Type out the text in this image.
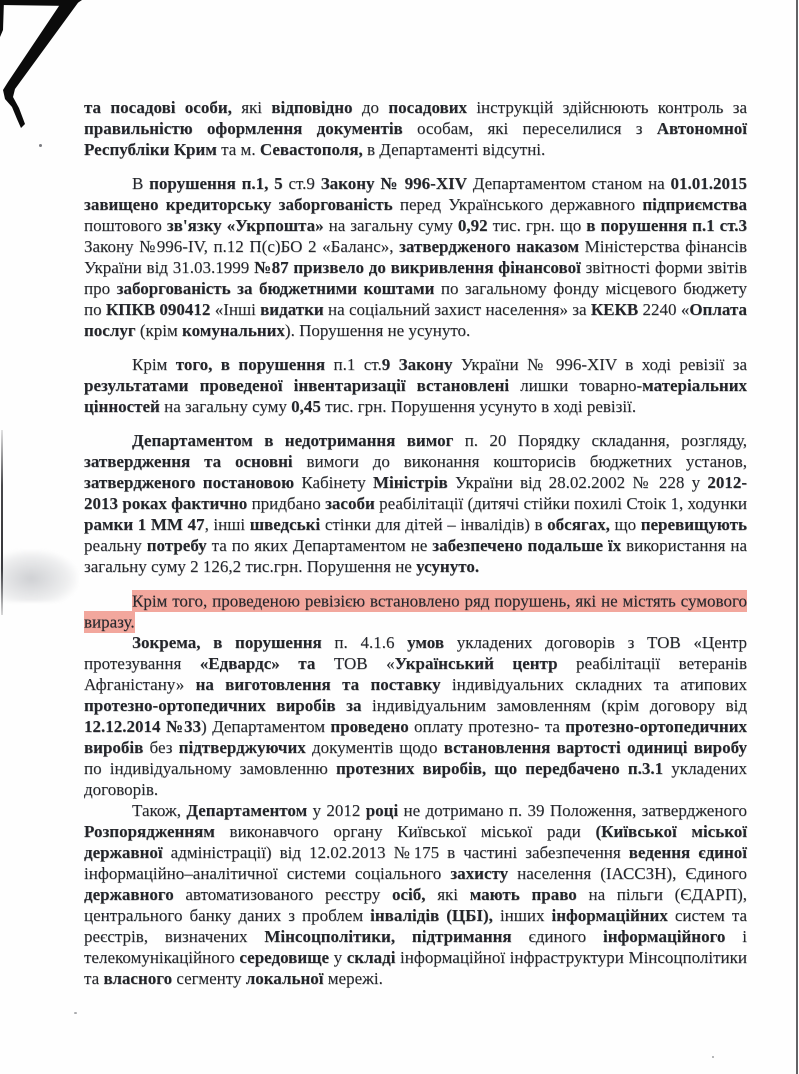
та посадові особи, які відповідно до посадових інструкцій здійснюють контроль за правильністю оформлення документів особам, які переселилися з Автономної Республіки Крим та м. Севастополя, в Департаменті відсутні.

В порушення п.1, 5 ст.9 Закону № 996-XIV Департаментом станом на 01.01.2015 завищено кредиторську заборгованість перед Українського державного підприємства поштового зв'язку «Укрпошта» на загальну суму 0,92 тис. грн. що в порушення п.1 ст.3 Закону №996-IV, п.12 П(с)БО 2 «Баланс», затвердженого наказом Міністерства фінансів України від 31.03.1999 №87 призвело до викривлення фінансової звітності форми звітів про заборгованість за бюджетними коштами по загальному фонду місцевого бюджету по КПКВ 090412 «Інші видатки на соціальний захист населення» за КЕКВ 2240 «Оплата послуг (крім комунальних). Порушення не усунуто.

Крім того, в порушення п.1 ст.9 Закону України № 996-XIV в ході ревізії за результатами проведеної інвентаризації встановлені лишки товарно-матеріальних цінностей на загальну суму 0,45 тис. грн. Порушення усунуто в ході ревізії.

Департаментом в недотримання вимог п. 20 Порядку складання, розгляду, затвердження та основні вимоги до виконання кошторисів бюджетних установ, затвердженого постановою Кабінету Міністрів України від 28.02.2002 № 228 у 2012-2013 роках фактично придбано засоби реабілітації (дитячі стійки похилі Стоік 1, ходунки рамки 1 ММ 47, інші шведські стінки для дітей – інвалідів) в обсягах, що перевищують реальну потребу та по яких Департаментом не забезпечено подальше їх використання на загальну суму 2 126,2 тис.грн. Порушення не усунуто.

Крім того, проведеною ревізією встановлено ряд порушень, які не містять сумового виразу.

Зокрема, в порушення п. 4.1.6 умов укладених договорів з ТОВ «Центр протезування «Едвардс» та ТОВ «Український центр реабілітації ветеранів Афганістану» на виготовлення та поставку індивідуальних складних та атипових протезно-ортопедичних виробів за індивідуальним замовленням (крім договору від 12.12.2014 №33) Департаментом проведено оплату протезно- та протезно-ортопедичних виробів без підтверджуючих документів щодо встановлення вартості одиниці виробу по індивідуальному замовленню протезних виробів, що передбачено п.3.1 укладених договорів.

Також, Департаментом у 2012 році не дотримано п. 39 Положення, затвердженого Розпорядженням виконавчого органу Київської міської ради (Київської міської державної адміністрації) від 12.02.2013 №175 в частині забезпечення ведення єдиної інформаційно–аналітичної системи соціального захисту населення (ІАССЗН), Єдиного державного автоматизованого реєстру осіб, які мають право на пільги (ЄДАРП), центрального банку даних з проблем інвалідів (ЦБІ), інших інформаційних систем та реєстрів, визначених Мінсоцполітики, підтримання єдиного інформаційного і телекомунікаційного середовище у складі інформаційної інфраструктури Мінсоцполітики та власного сегменту локальної мережі.
